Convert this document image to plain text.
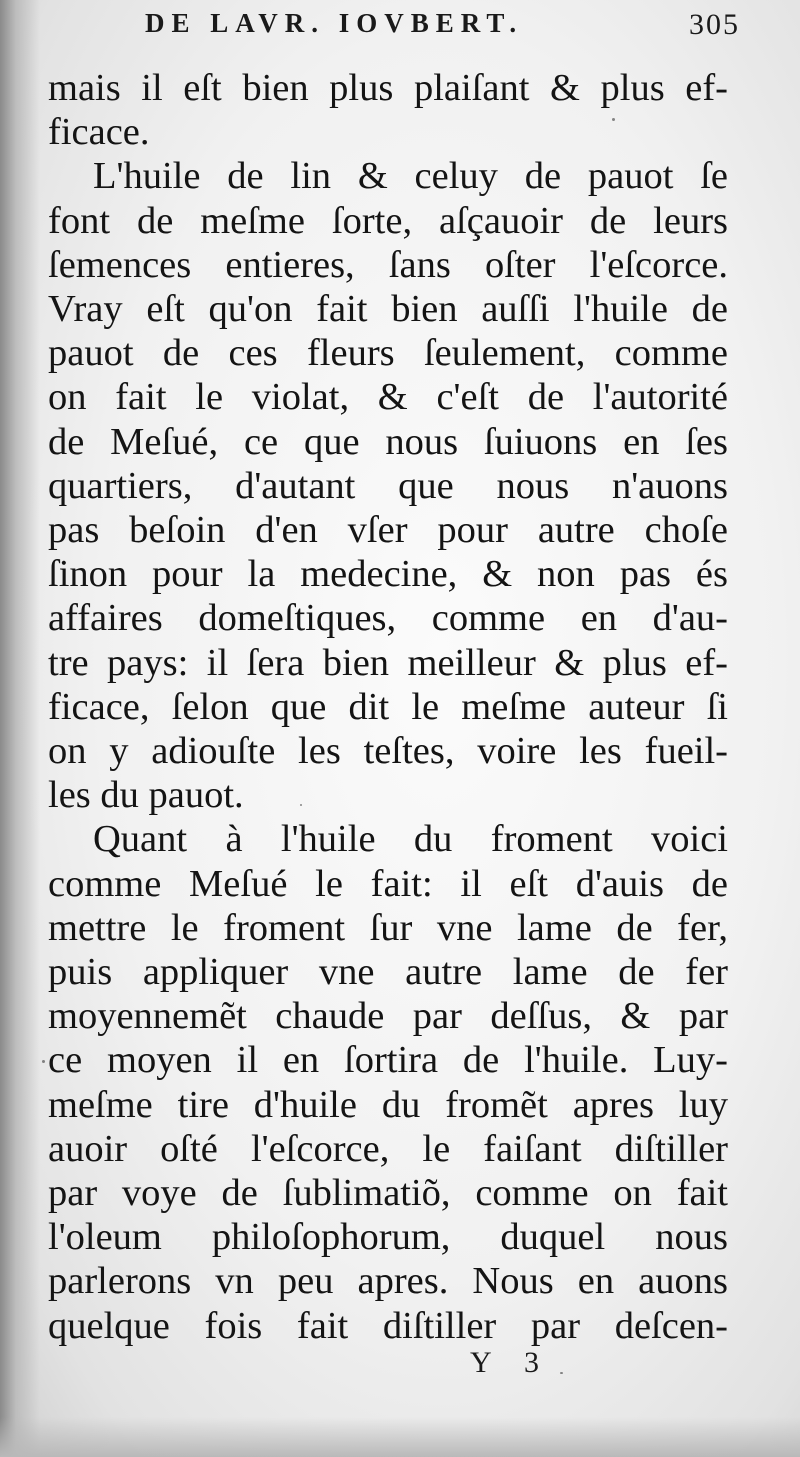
DE LAVR. IOVBERT.	305
mais il eſt bien plus plaiſant & plus ef-
ficace.
L'huile de lin & celuy de pauot ſe
font de meſme ſorte, aſçauoir de leurs
ſemences entieres, ſans oſter l'eſcorce.
Vray eſt qu'on fait bien auſſi l'huile de
pauot de ces fleurs ſeulement, comme
on fait le violat, & c'eſt de l'autorité
de Meſué, ce que nous ſuiuons en ſes
quartiers, d'autant que nous n'auons
pas beſoin d'en vſer pour autre choſe
ſinon pour la medecine, & non pas és
affaires domeſtiques, comme en d'au-
tre pays: il ſera bien meilleur & plus ef-
ficace, ſelon que dit le meſme auteur ſi
on y adiouſte les teſtes, voire les fueil-
les du pauot.
Quant à l'huile du froment voici
comme Meſué le fait: il eſt d'auis de
mettre le froment ſur vne lame de fer,
puis appliquer vne autre lame de fer
moyennemẽt chaude par deſſus, & par
ce moyen il en ſortira de l'huile. Luy-
meſme tire d'huile du fromẽt apres luy
auoir oſté l'eſcorce, le faiſant diſtiller
par voye de ſublimatiõ, comme on fait
l'oleum philoſophorum, duquel nous
parlerons vn peu apres. Nous en auons
quelque fois fait diſtiller par deſcen-
Y 3
